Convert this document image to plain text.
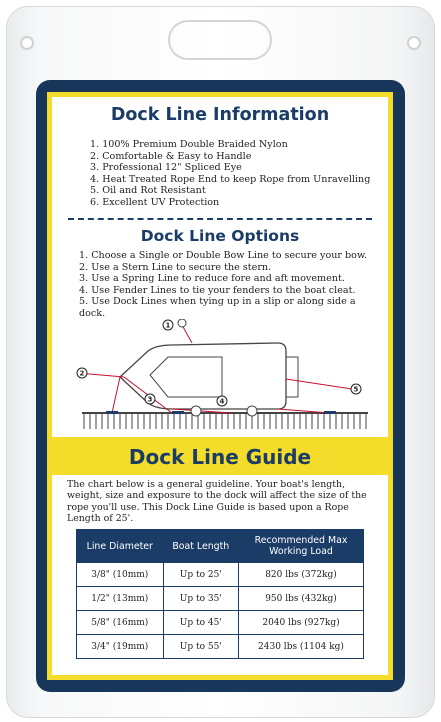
Dock Line Information
1. 100% Premium Double Braided Nylon
2. Comfortable & Easy to Handle
3. Professional 12" Spliced Eye
4. Heat Treated Rope End to keep Rope from Unravelling
5. Oil and Rot Resistant
6. Excellent UV Protection
Dock Line Options
1. Choose a Single or Double Bow Line to secure your bow.
2. Use a Stern Line to secure the stern.
3. Use a Spring Line to reduce fore and aft movement.
4. Use Fender Lines to tie your fenders to the boat cleat.
5. Use Dock Lines when tying up in a slip or along side a
dock.
1
2
3	4
5
Dock Line Guide
The chart below is a general guideline. Your boat's length, weight, size and exposure to the dock will affect the size of the rope you'll use. This Dock Line Guide is based upon a Rope Length of 25'.
Line Diameter	Boat Length	Recommended Max Working Load
3/8" (10mm)	Up to 25'	820 lbs (372kg)
1/2" (13mm)	Up to 35'	950 lbs (432kg)
5/8" (16mm)	Up to 45'	2040 lbs (927kg)
3/4" (19mm)	Up to 55'	2430 lbs (1104 kg)
